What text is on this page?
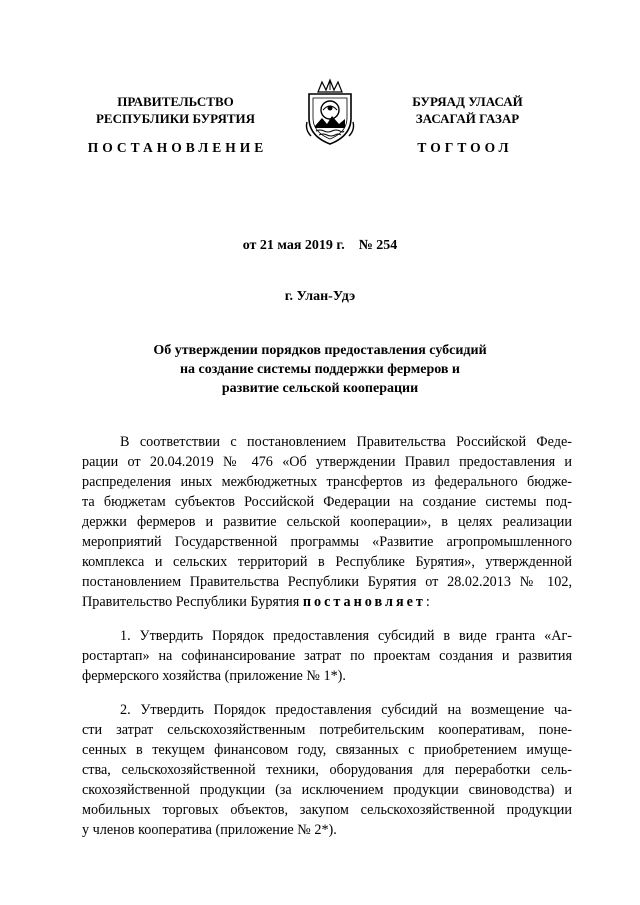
ПРАВИТЕЛЬСТВО
РЕСПУБЛИКИ БУРЯТИЯ
БУРЯАД УЛАСАЙ
ЗАСАГАЙ ГАЗАР
ПОСТАНОВЛЕНИЕ	ТОГТООЛ
от 21 мая 2019 г. № 254
г. Улан-Удэ
Об утверждении порядков предоставления субсидий
на создание системы поддержки фермеров и
развитие сельской кооперации
В соответствии с постановлением Правительства Российской Феде-
рации от 20.04.2019 № 476 «Об утверждении Правил предоставления и
распределения иных межбюджетных трансфертов из федерального бюдже-
та бюджетам субъектов Российской Федерации на создание системы под-
держки фермеров и развитие сельской кооперации», в целях реализации
мероприятий Государственной программы «Развитие агропромышленного
комплекса и сельских территорий в Республике Бурятия», утвержденной
постановлением Правительства Республики Бурятия от 28.02.2013 № 102,
Правительство Республики Бурятия постановляет:
1. Утвердить Порядок предоставления субсидий в виде гранта «Аг-
ростартап» на софинансирование затрат по проектам создания и развития
фермерского хозяйства (приложение № 1*).
2. Утвердить Порядок предоставления субсидий на возмещение ча-
сти затрат сельскохозяйственным потребительским кооперативам, поне-
сенных в текущем финансовом году, связанных с приобретением имуще-
ства, сельскохозяйственной техники, оборудования для переработки сель-
скохозяйственной продукции (за исключением продукции свиноводства) и
мобильных торговых объектов, закупом сельскохозяйственной продукции
у членов кооператива (приложение № 2*).
